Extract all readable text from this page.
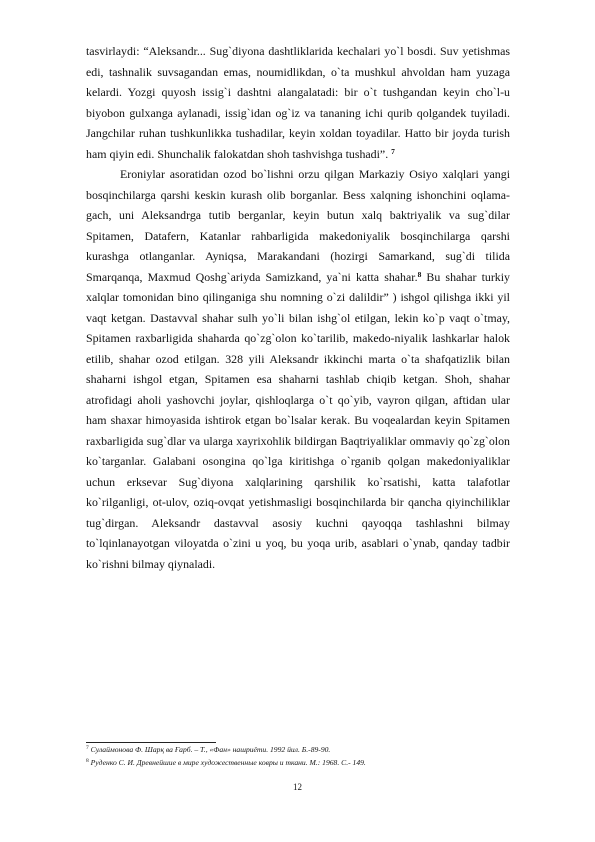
tasvirlaydi: “Aleksandr... Sug`diyona dashtliklarida kechalari yo`l bosdi. Suv yetishmas edi, tashnalik suvsagandan emas, noumidlikdan, o`ta mushkul ahvoldan ham yuzaga kelardi. Yozgi quyosh issig`i dashtni alangalatadi: bir o`t tushgandan keyin cho`l-u biyobon gulxanga aylanadi, issig`idan og`iz va tananing ichi qurib qolgandek tuyiladi. Jangchilar ruhan tushkunlikka tushadilar, keyin xoldan toyadilar. Hatto bir joyda turish ham qiyin edi. Shunchalik falokatdan shoh tashvishga tushadi”. $^7$

Eroniylar asoratidan ozod bo`lishni orzu qilgan Markaziy Osiyo xalqlari yangi bosqinchilarga qarshi keskin kurash olib borganlar. Bess xalqning ishonchini oqlama-gach, uni Aleksandrga tutib berganlar, keyin butun xalq baktriyalik va sug`dilar Spitamen, Datafern, Katanlar rahbarligida makedoniyalik bosqinchilarga qarshi kurashga otlanganlar. Ayniqsa, Marakandani (hozirgi Samarkand, sug`di tilida Smarqanqa, Maxmud Qoshg`ariyda Samizkand, ya`ni katta shahar.$^8$ Bu shahar turkiy xalqlar tomonidan bino qilinganiga shu nomning o`zi dalildir” ) ishgol qilishga ikki yil vaqt ketgan. Dastavval shahar sulh yo`li bilan ishg`ol etilgan, lekin ko`p vaqt o`tmay, Spitamen raxbarligida shaharda qo`zg`olon ko`tarilib, makedo-niyalik lashkarlar halok etilib, shahar ozod etilgan. 328 yili Aleksandr ikkinchi marta o`ta shafqatizlik bilan shaharni ishgol etgan, Spitamen esa shaharni tashlab chiqib ketgan. Shoh, shahar atrofidagi aholi yashovchi joylar, qishloqlarga o`t qo`yib, vayron qilgan, aftidan ular ham shaxar himoyasida ishtirok etgan bo`lsalar kerak. Bu voqealardan keyin Spitamen raxbarligida sug`dlar va ularga xayrixohlik bildirgan Baqtriyaliklar ommaviy qo`zg`olon ko`targanlar. Galabani osongina qo`lga kiritishga o`rganib qolgan makedoniyaliklar uchun erksevar Sug`diyona xalqlarining qarshilik ko`rsatishi, katta talafotlar ko`rilganligi, ot-ulov, oziq-ovqat yetishmasligi bosqinchilarda bir qancha qiyinchiliklar tug`dirgan. Aleksandr dastavval asosiy kuchni qayoqqa tashlashni bilmay to`lqinlanayotgan viloyatda o`zini u yoq, bu yoqa urib, asablari o`ynab, qanday tadbir ko`rishni bilmay qiynaladi.

$^7$ Сулаймонова Ф. Шарқ ва Ғарб. – Т., «Фан» нашриёти. 1992 йил. Б.-89-90.

$^8$ Руденко С. И. Древнейшие в мире художественные ковры и ткани. М.: 1968. С.- 149.

12
